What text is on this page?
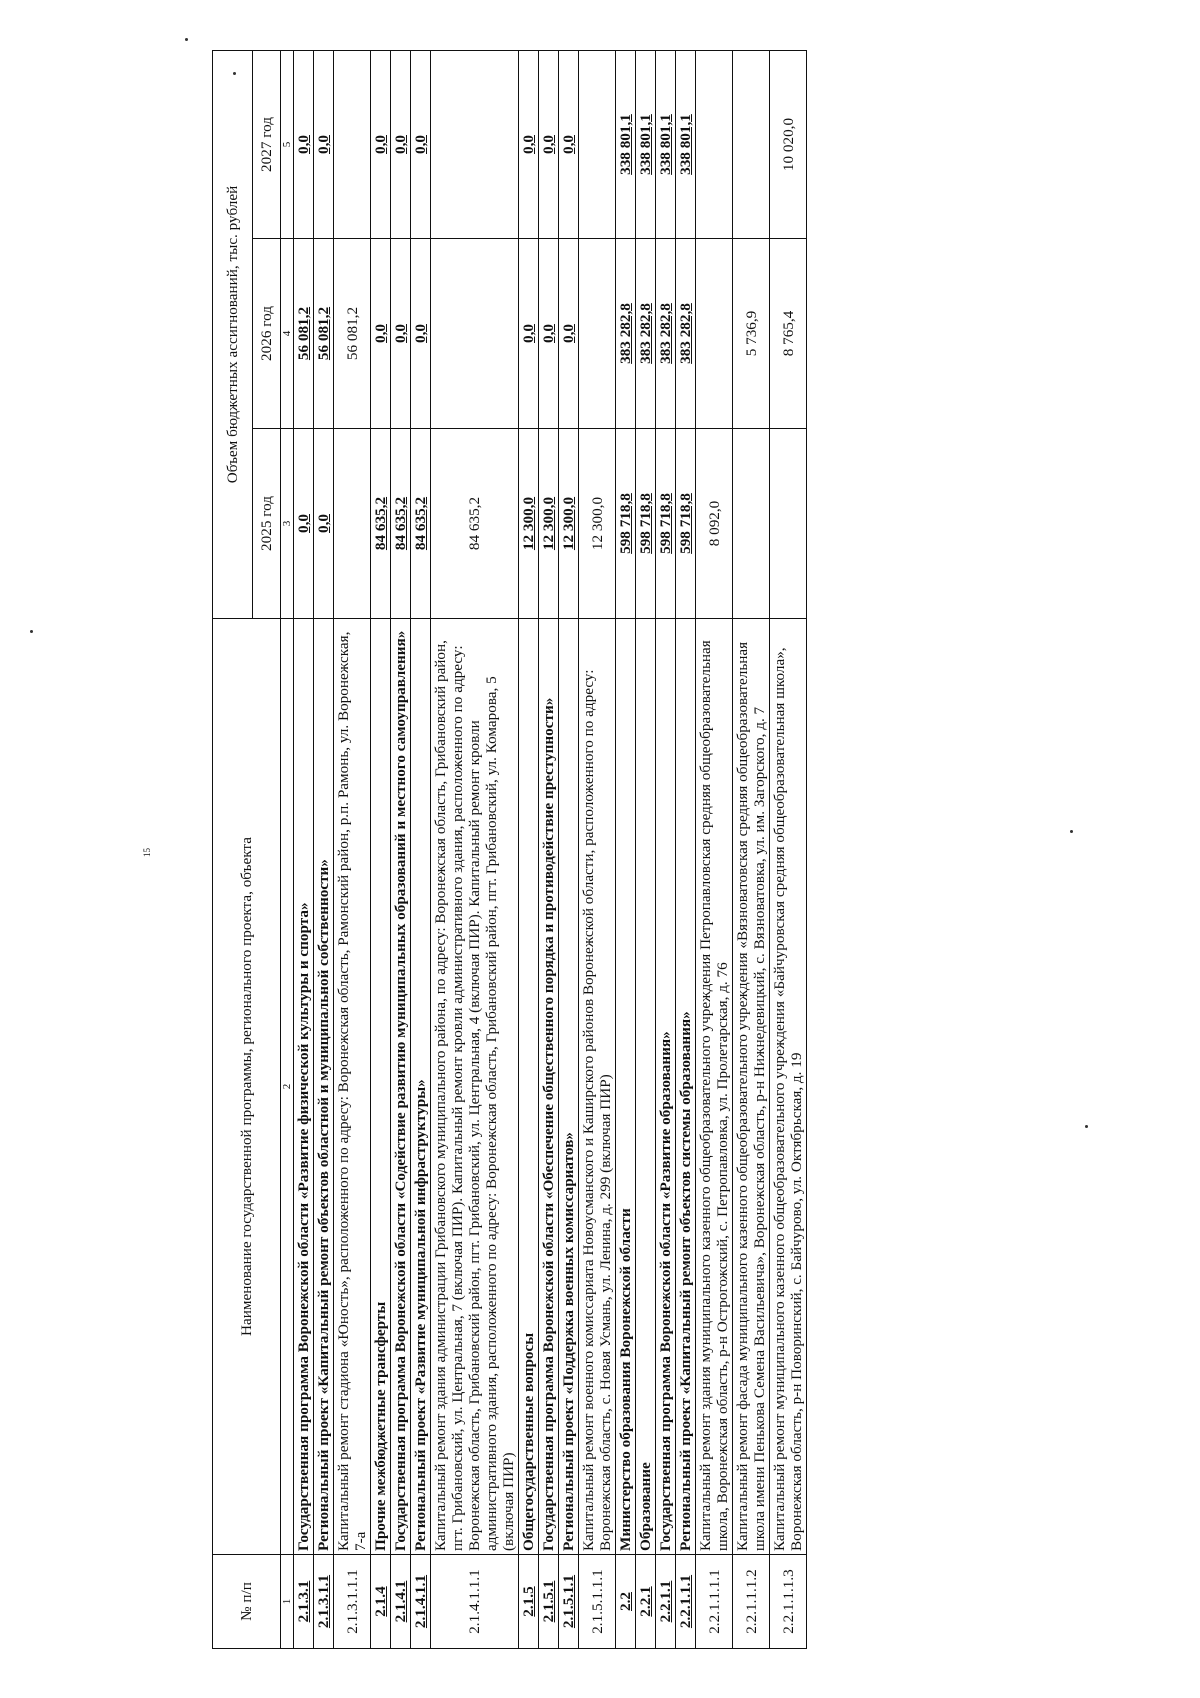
15
№ п/п	Наименование государственной программы, регионального проекта, объекта	Объем бюджетных ассигнований, тыс. рублей		
		2025 год	2026 год	2027 год
1	2	3	4	5
2.1.3.1	Государственная программа Воронежской области «Развитие физической культуры и спорта»	0,0	56 081,2	0,0
2.1.3.1.1	Региональный проект «Капитальный ремонт объектов областной и муниципальной собственности»	0,0	56 081,2	0,0
2.1.3.1.1.1	Капитальный ремонт стадиона «Юность», расположенного по адресу: Воронежская область, Рамонский район, р.п. Рамонь, ул. Воронежская, 7-а		56 081,2	
2.1.4	Прочие межбюджетные трансферты	84 635,2	0,0	0,0
2.1.4.1	Государственная программа Воронежской области «Содействие развитию муниципальных образований и местного самоуправления»	84 635,2	0,0	0,0
2.1.4.1.1	Региональный проект «Развитие муниципальной инфраструктуры»	84 635,2	0,0	0,0
2.1.4.1.1.1	Капитальный ремонт здания администрации Грибановского муниципального района, по адресу: Воронежская область, Грибановский район, пгт. Грибановский, ул. Центральная, 7 (включая ПИР). Капитальный ремонт кровли административного здания, расположенного по адресу: Воронежская область, Грибановский район, пгт. Грибановский, ул. Центральная, 4 (включая ПИР). Капитальный ремонт кровли административного здания, расположенного по адресу: Воронежская область, Грибановский район, пгт. Грибановский, ул. Комарова, 5 (включая ПИР)	84 635,2		
2.1.5	Общегосударственные вопросы	12 300,0	0,0	0,0
2.1.5.1	Государственная программа Воронежской области «Обеспечение общественного порядка и противодействие преступности»	12 300,0	0,0	0,0
2.1.5.1.1	Региональный проект «Поддержка военных комиссариатов»	12 300,0	0,0	0,0
2.1.5.1.1.1	Капитальный ремонт военного комиссариата Новоусманского и Каширского районов Воронежской области, расположенного по адресу: Воронежская область, с. Новая Усмань, ул. Ленина, д. 299 (включая ПИР)	12 300,0		
2.2	Министерство образования Воронежской области	598 718,8	383 282,8	338 801,1
2.2.1	Образование	598 718,8	383 282,8	338 801,1
2.2.1.1	Государственная программа Воронежской области «Развитие образования»	598 718,8	383 282,8	338 801,1
2.2.1.1.1	Региональный проект «Капитальный ремонт объектов системы образования»	598 718,8	383 282,8	338 801,1
2.2.1.1.1.1	Капитальный ремонт здания муниципального казенного общеобразовательного учреждения Петропавловская средняя общеобразовательная школа, Воронежская область, р-н Острогожский, с. Петропавловка, ул. Пролетарская, д. 76	8 092,0		
2.2.1.1.1.2	Капитальный ремонт фасада муниципального казенного общеобразовательного учреждения «Вязноватовская средняя общеобразовательная школа имени Пенькова Семена Васильевича», Воронежская область, р-н Нижнедевицкий, с. Вязноватовка, ул. им. Загорского, д. 7		5 736,9	
2.2.1.1.1.3	Капитальный ремонт муниципального казенного общеобразовательного учреждения «Байчуровская средняя общеобразовательная школа», Воронежская область, р-н Поворинский, с. Байчурово, ул. Октябрьская, д. 19		8 765,4	10 020,0
